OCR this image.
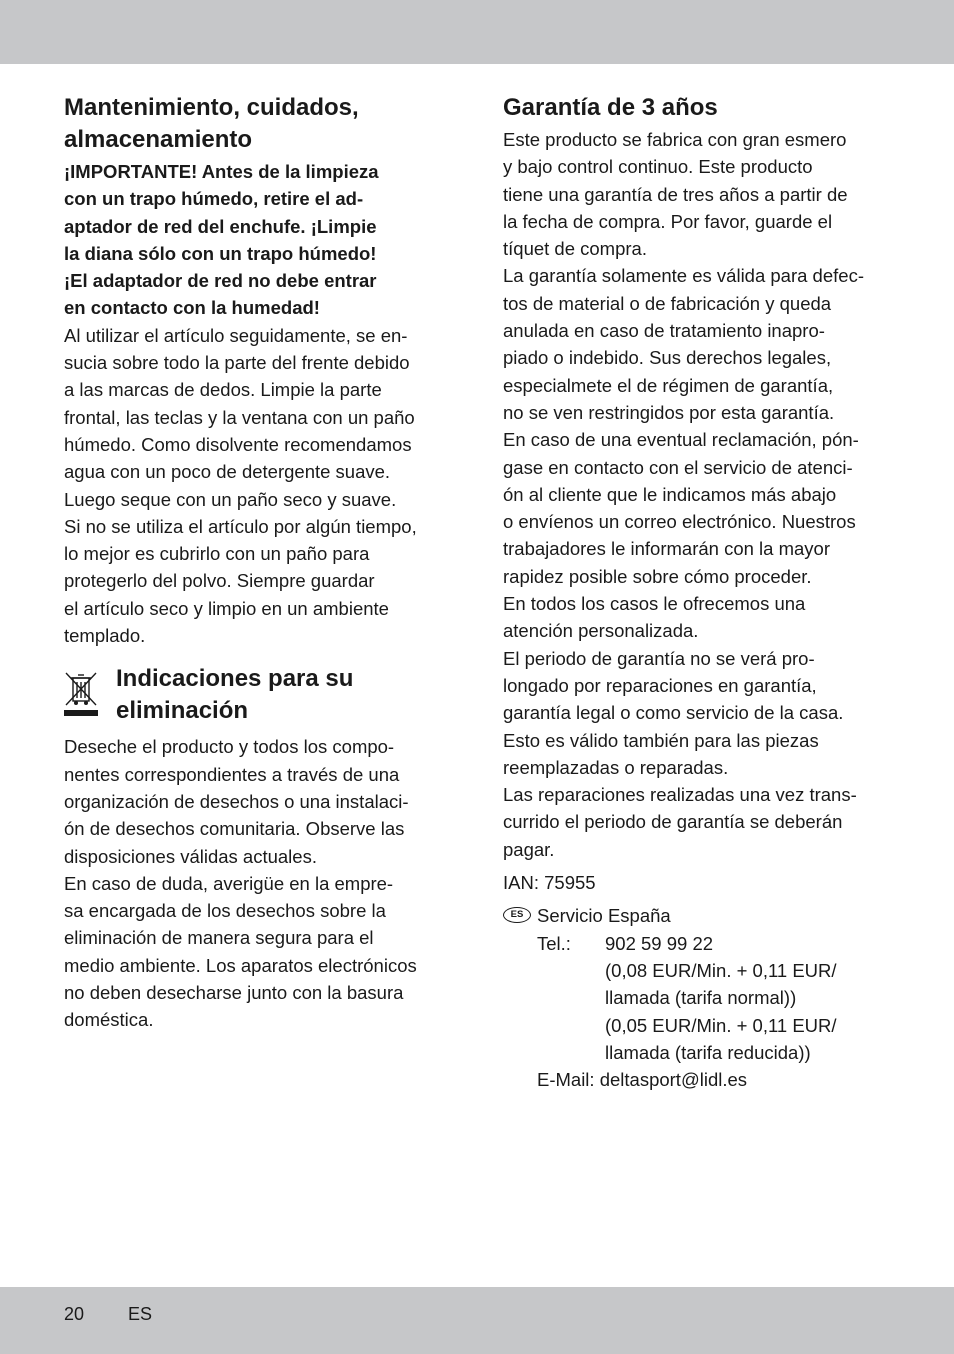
Mantenimiento, cuidados,
almacenamiento
¡IMPORTANTE! Antes de la limpieza
con un trapo húmedo, retire el ad-
aptador de red del enchufe. ¡Limpie
la diana sólo con un trapo húmedo!
¡El adaptador de red no debe entrar
en contacto con la humedad!
Al utilizar el artículo seguidamente, se en-
sucia sobre todo la parte del frente debido
a las marcas de dedos. Limpie la parte
frontal, las teclas y la ventana con un paño
húmedo. Como disolvente recomendamos
agua con un poco de detergente suave.
Luego seque con un paño seco y suave.
Si no se utiliza el artículo por algún tiempo,
lo mejor es cubrirlo con un paño para
protegerlo del polvo. Siempre guardar
el artículo seco y limpio en un ambiente
templado.
Indicaciones para su
eliminación
Deseche el producto y todos los compo-
nentes correspondientes a través de una
organización de desechos o una instalaci-
ón de desechos comunitaria. Observe las
disposiciones válidas actuales.
En caso de duda, averigüe en la empre-
sa encargada de los desechos sobre la
eliminación de manera segura para el
medio ambiente. Los aparatos electrónicos
no deben desecharse junto con la basura
doméstica.
Garantía de 3 años
Este producto se fabrica con gran esmero
y bajo control continuo. Este producto
tiene una garantía de tres años a partir de
la fecha de compra. Por favor, guarde el
tíquet de compra.
La garantía solamente es válida para defec-
tos de material o de fabricación y queda
anulada en caso de tratamiento inapro-
piado o indebido. Sus derechos legales,
especialmete el de régimen de garantía,
no se ven restringidos por esta garantía.
En caso de una eventual reclamación, pón-
gase en contacto con el servicio de atenci-
ón al cliente que le indicamos más abajo
o envíenos un correo electrónico. Nuestros
trabajadores le informarán con la mayor
rapidez posible sobre cómo proceder.
En todos los casos le ofrecemos una
atención personalizada.
El periodo de garantía no se verá pro-
longado por reparaciones en garantía,
garantía legal o como servicio de la casa.
Esto es válido también para las piezas
reemplazadas o reparadas.
Las reparaciones realizadas una vez trans-
currido el periodo de garantía se deberán
pagar.
IAN: 75955
ES Servicio España
Tel.: 902 59 99 22
(0,08 EUR/Min. + 0,11 EUR/
llamada (tarifa normal))
(0,05 EUR/Min. + 0,11 EUR/
llamada (tarifa reducida))
E-Mail: deltasport@lidl.es
20 ES
